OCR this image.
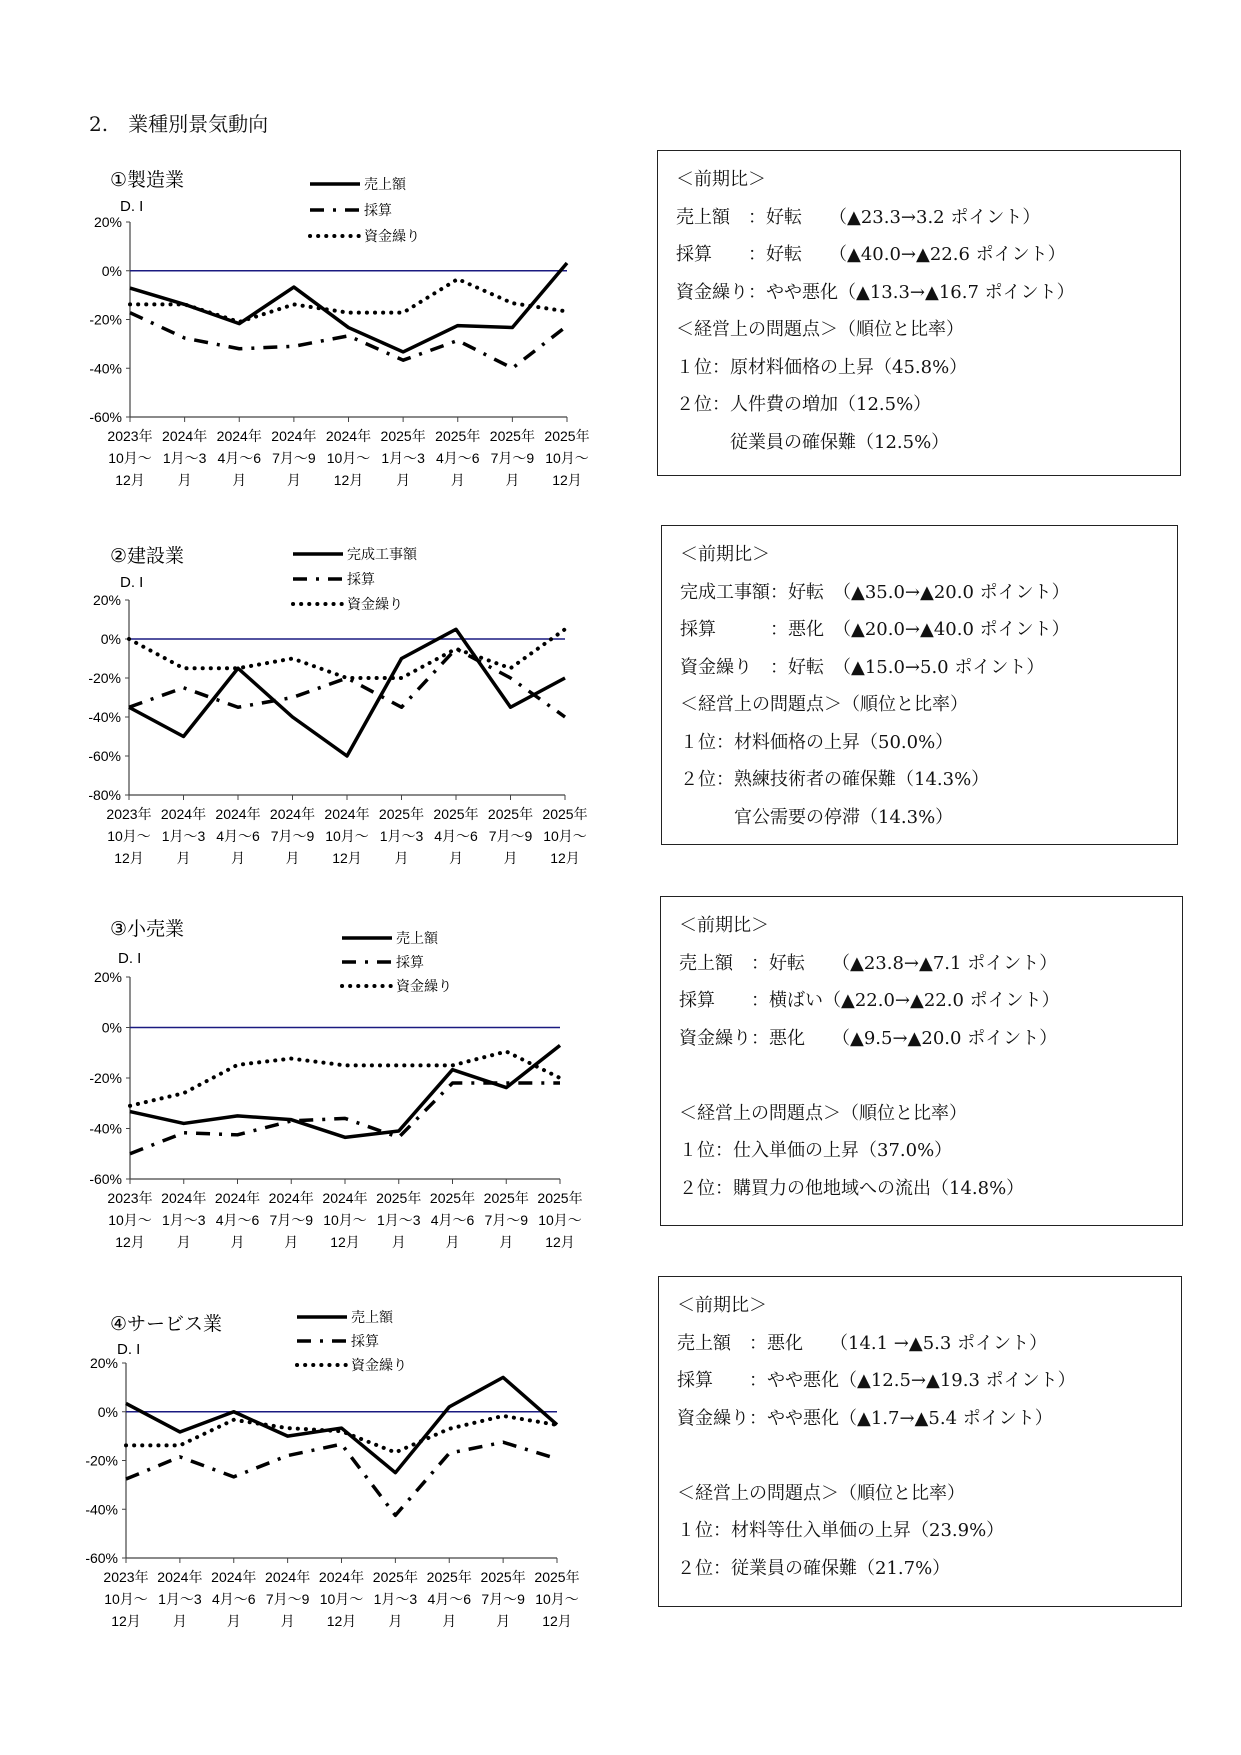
2.　業種別景気動向
①製造業
D. I
20%
0%
-20%
-40%
-60%
2023年
10月～
12月
2024年
1月～3
月
2024年
4月～6
月
2024年
7月～9
月
2024年
10月～
12月
2025年
1月～3
月
2025年
4月～6
月
2025年
7月～9
月
2025年
10月～
12月
売上額
採算
資金繰り
②建設業
D. I
20%
0%
-20%
-40%
-60%
-80%
2023年
10月～
12月
2024年
1月～3
月
2024年
4月～6
月
2024年
7月～9
月
2024年
10月～
12月
2025年
1月～3
月
2025年
4月～6
月
2025年
7月～9
月
2025年
10月～
12月
完成工事額
採算
資金繰り
③小売業
D. I
20%
0%
-20%
-40%
-60%
2023年
10月～
12月
2024年
1月～3
月
2024年
4月～6
月
2024年
7月～9
月
2024年
10月～
12月
2025年
1月～3
月
2025年
4月～6
月
2025年
7月～9
月
2025年
10月～
12月
売上額
採算
資金繰り
④サービス業
D. I
20%
0%
-20%
-40%
-60%
2023年
10月～
12月
2024年
1月～3
月
2024年
4月～6
月
2024年
7月～9
月
2024年
10月～
12月
2025年
1月～3
月
2025年
4月～6
月
2025年
7月～9
月
2025年
10月～
12月
売上額
採算
資金繰り
＜前期比＞
売上額　：好転　　（▲23.3→3.2 ポイント）
採算　　：好転　　（▲40.0→▲22.6 ポイント）
資金繰り：やや悪化（▲13.3→▲16.7 ポイント）
＜経営上の問題点＞（順位と比率）
１位：原材料価格の上昇（45.8%）
２位：人件費の増加（12.5%）
　　　従業員の確保難（12.5%）
＜前期比＞
完成工事額：好転　（▲35.0→▲20.0 ポイント）
採算　　　：悪化　（▲20.0→▲40.0 ポイント）
資金繰り　：好転　（▲15.0→5.0 ポイント）
＜経営上の問題点＞（順位と比率）
１位：材料価格の上昇（50.0%）
２位：熟練技術者の確保難（14.3%）
　　　官公需要の停滞（14.3%）
＜前期比＞
売上額　：好転　　（▲23.8→▲7.1 ポイント）
採算　　：横ばい（▲22.0→▲22.0 ポイント）
資金繰り：悪化　　（▲9.5→▲20.0 ポイント）
＜経営上の問題点＞（順位と比率）
１位：仕入単価の上昇（37.0%）
２位：購買力の他地域への流出（14.8%）
＜前期比＞
売上額　：悪化　　（14.1 →▲5.3 ポイント）
採算　　：やや悪化（▲12.5→▲19.3 ポイント）
資金繰り：やや悪化（▲1.7→▲5.4 ポイント）
＜経営上の問題点＞（順位と比率）
１位：材料等仕入単価の上昇（23.9%）
２位：従業員の確保難（21.7%）
